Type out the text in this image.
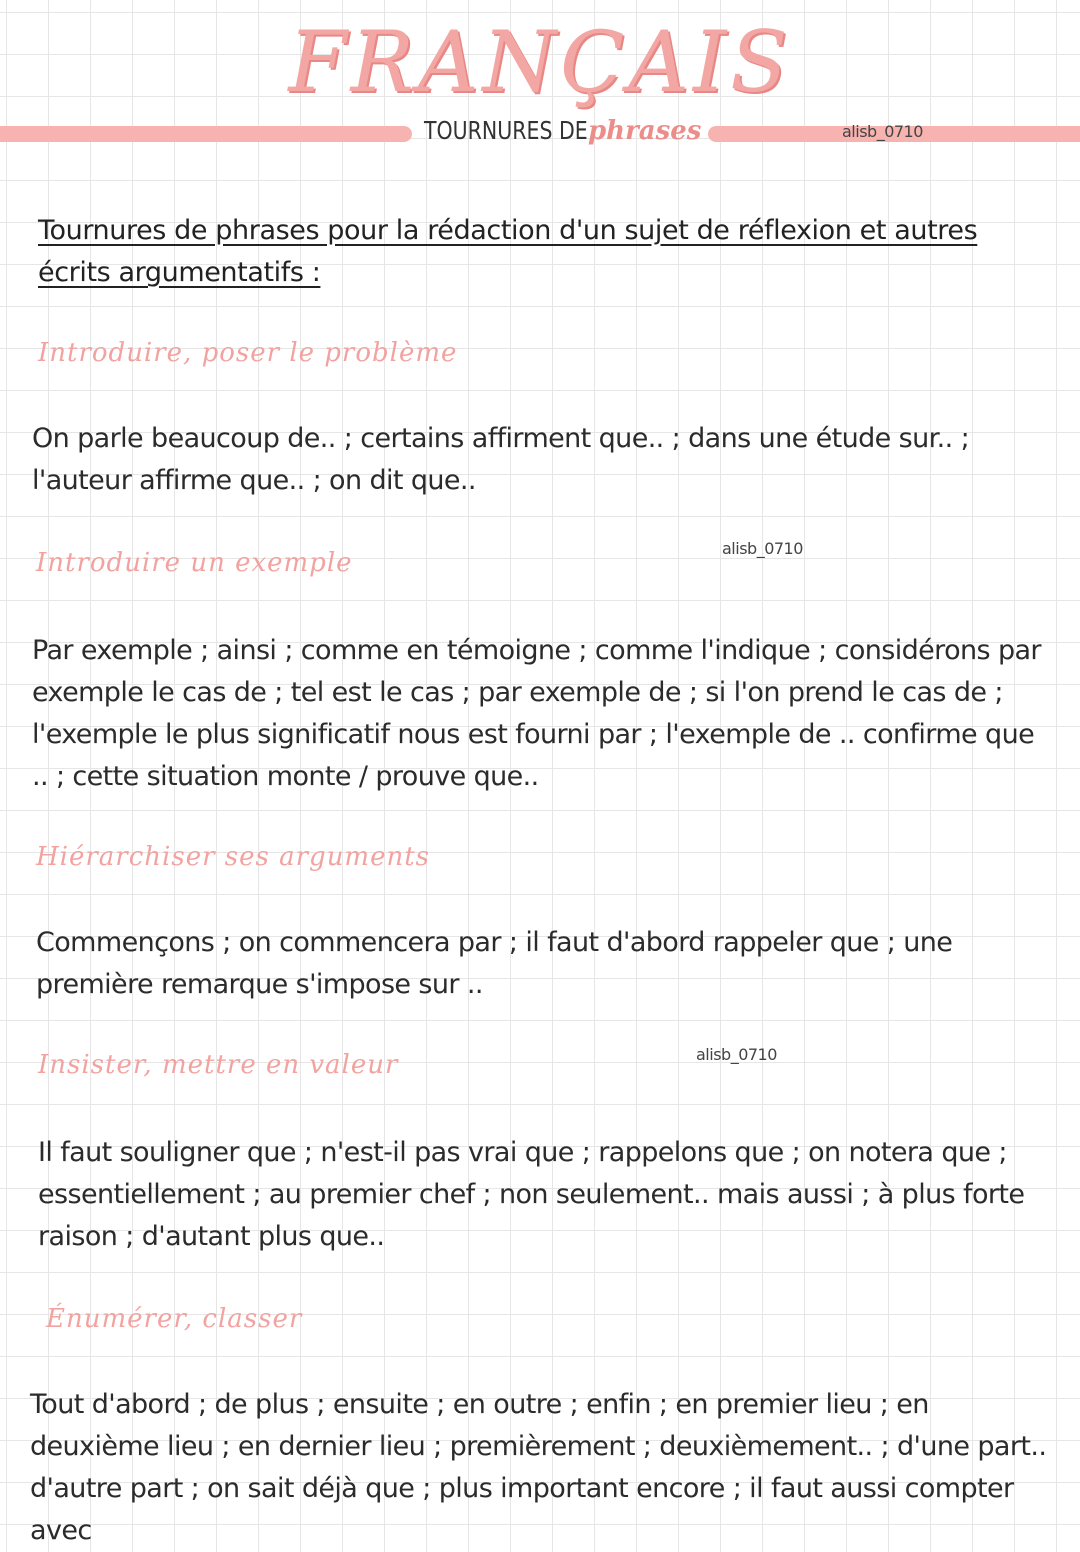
FRANÇAIS
TOURNURES DE phrases	alisb_0710
Tournures de phrases pour la rédaction d'un sujet de réflexion et autres écrits argumentatifs :
Introduire, poser le problème
On parle beaucoup de.. ; certains affirment que.. ; dans une étude sur.. ; l'auteur affirme que.. ; on dit que..
alisb_0710
Introduire un exemple
Par exemple ; ainsi ; comme en témoigne ; comme l'indique ; considérons par exemple le cas de ; tel est le cas ; par exemple de ; si l'on prend le cas de ; l'exemple le plus significatif nous est fourni par ; l'exemple de .. confirme que .. ; cette situation monte / prouve que..
Hiérarchiser ses arguments
Commençons ; on commencera par ; il faut d'abord rappeler que ; une première remarque s'impose sur ..
alisb_0710
Insister, mettre en valeur
Il faut souligner que ; n'est-il pas vrai que ; rappelons que ; on notera que ; essentiellement ; au premier chef ; non seulement.. mais aussi ; à plus forte raison ; d'autant plus que..
Énumérer, classer
Tout d'abord ; de plus ; ensuite ; en outre ; enfin ; en premier lieu ; en deuxième lieu ; en dernier lieu ; premièrement ; deuxièmement.. ; d'une part.. d'autre part ; on sait déjà que ; plus important encore ; il faut aussi compter avec
